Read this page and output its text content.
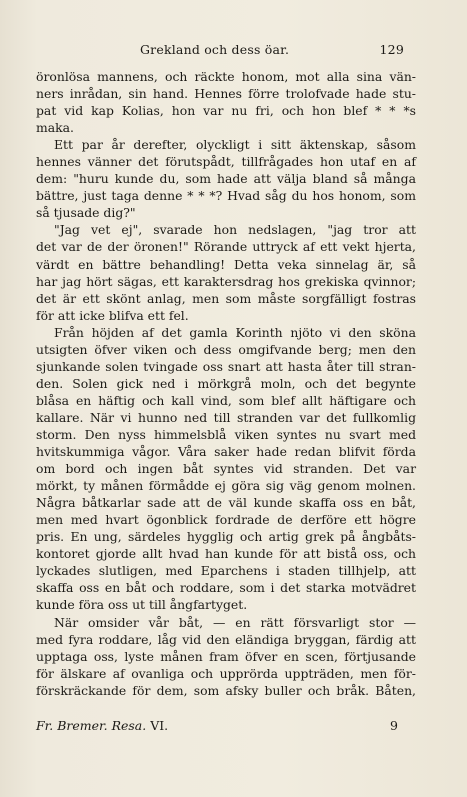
Grekland och dess öar.	129
öronlösa mannens, och räckte honom, mot alla sina vän-
ners inrådan, sin hand. Hennes förre trolofvade hade stu-
pat vid kap Kolias, hon var nu fri, och hon blef * * *s
maka.
Ett par år derefter, olyckligt i sitt äktenskap, såsom
hennes vänner det förutspådt, tillfrågades hon utaf en af
dem: "huru kunde du, som hade att välja bland så många
bättre, just taga denne * * *? Hvad såg du hos honom, som
så tjusade dig?"
"Jag vet ej", svarade hon nedslagen, "jag tror att
det var de der öronen!" Rörande uttryck af ett vekt hjerta,
värdt en bättre behandling! Detta veka sinnelag är, så
har jag hört sägas, ett karaktersdrag hos grekiska qvinnor;
det är ett skönt anlag, men som måste sorgfälligt fostras
för att icke blifva ett fel.
Från höjden af det gamla Korinth njöto vi den sköna
utsigten öfver viken och dess omgifvande berg; men den
sjunkande solen tvingade oss snart att hasta åter till stran-
den. Solen gick ned i mörkgrå moln, och det begynte
blåsa en häftig och kall vind, som blef allt häftigare och
kallare. När vi hunno ned till stranden var det fullkomlig
storm. Den nyss himmelsblå viken syntes nu svart med
hvitskummiga vågor. Våra saker hade redan blifvit förda
om bord och ingen båt syntes vid stranden. Det var
mörkt, ty månen förmådde ej göra sig väg genom molnen.
Några båtkarlar sade att de väl kunde skaffa oss en båt,
men med hvart ögonblick fordrade de derföre ett högre
pris. En ung, särdeles hygglig och artig grek på ångbåts-
kontoret gjorde allt hvad han kunde för att bistå oss, och
lyckades slutligen, med Eparchens i staden tillhjelp, att
skaffa oss en båt och roddare, som i det starka motvädret
kunde föra oss ut till ångfartyget.
När omsider vår båt, — en rätt försvarligt stor —
med fyra roddare, låg vid den eländiga bryggan, färdig att
upptaga oss, lyste månen fram öfver en scen, förtjusande
för älskare af ovanliga och upprörda uppträden, men för-
förskräckande för dem, som afsky buller och bråk. Båten,
Fr. Bremer. Resa. VI.	9
